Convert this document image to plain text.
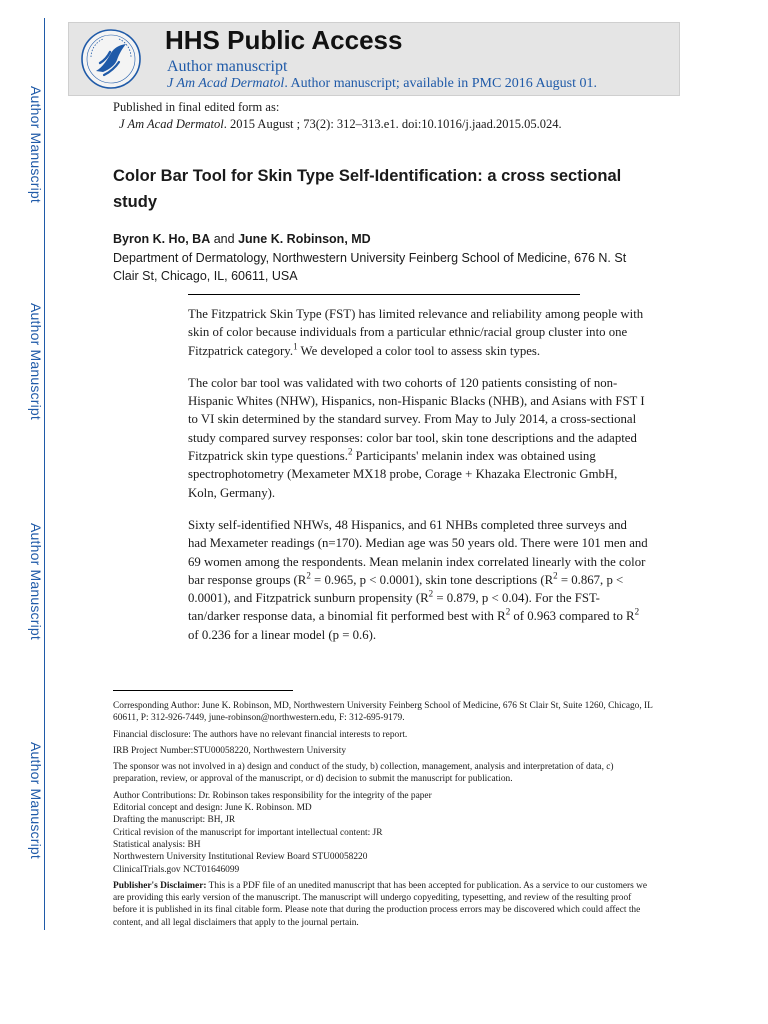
Author Manuscript
Author Manuscript
Author Manuscript
Author Manuscript
HHS Public Access
Author manuscript
J Am Acad Dermatol. Author manuscript; available in PMC 2016 August 01.
Published in final edited form as:
J Am Acad Dermatol. 2015 August ; 73(2): 312–313.e1. doi:10.1016/j.jaad.2015.05.024.
Color Bar Tool for Skin Type Self-Identification: a cross sectional study
Byron K. Ho, BA and June K. Robinson, MD
Department of Dermatology, Northwestern University Feinberg School of Medicine, 676 N. St Clair St, Chicago, IL, 60611, USA

The Fitzpatrick Skin Type (FST) has limited relevance and reliability among people with skin of color because individuals from a particular ethnic/racial group cluster into one Fitzpatrick category.$^1$ We developed a color tool to assess skin types.

The color bar tool was validated with two cohorts of 120 patients consisting of non-Hispanic Whites (NHW), Hispanics, non-Hispanic Blacks (NHB), and Asians with FST I to VI skin determined by the standard survey. From May to July 2014, a cross-sectional study compared survey responses: color bar tool, skin tone descriptions and the adapted Fitzpatrick skin type questions.$^2$ Participants' melanin index was obtained using spectrophotometry (Mexameter MX18 probe, Corage + Khazaka Electronic GmbH, Koln, Germany).

Sixty self-identified NHWs, 48 Hispanics, and 61 NHBs completed three surveys and had Mexameter readings (n=170). Median age was 50 years old. There were 101 men and 69 women among the respondents. Mean melanin index correlated linearly with the color bar response groups ($R^2 = 0.965$, p < 0.0001), skin tone descriptions ($R^2 = 0.867$, p < 0.0001), and Fitzpatrick sunburn propensity ($R^2 = 0.879$, p < 0.04). For the FST-tan/darker response data, a binomial fit performed best with $R^2$ of 0.963 compared to $R^2$ of 0.236 for a linear model (p = 0.6).

Corresponding Author: June K. Robinson, MD, Northwestern University Feinberg School of Medicine, 676 St Clair St, Suite 1260, Chicago, IL 60611, P: 312-926-7449, june-robinson@northwestern.edu, F: 312-695-9179.

Financial disclosure: The authors have no relevant financial interests to report.

IRB Project Number:STU00058220, Northwestern University

The sponsor was not involved in a) design and conduct of the study, b) collection, management, analysis and interpretation of data, c) preparation, review, or approval of the manuscript, or d) decision to submit the manuscript for publication.

Author Contributions: Dr. Robinson takes responsibility for the integrity of the paper

Editorial concept and design: June K. Robinson. MD

Drafting the manuscript: BH, JR

Critical revision of the manuscript for important intellectual content: JR

Statistical analysis: BH

Northwestern University Institutional Review Board STU00058220

ClinicalTrials.gov NCT01646099

Publisher's Disclaimer: This is a PDF file of an unedited manuscript that has been accepted for publication. As a service to our customers we are providing this early version of the manuscript. The manuscript will undergo copyediting, typesetting, and review of the resulting proof before it is published in its final citable form. Please note that during the production process errors may be discovered which could affect the content, and all legal disclaimers that apply to the journal pertain.
